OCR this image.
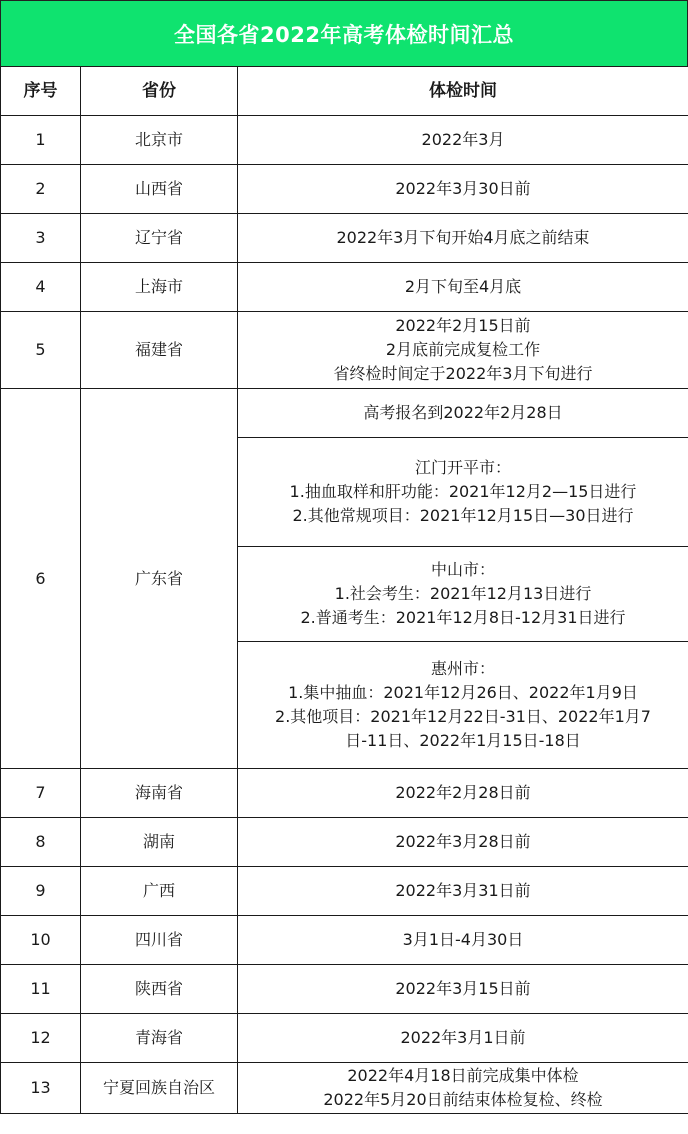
全国各省2022年高考体检时间汇总
序号	省份	体检时间
1	北京市	2022年3月

2	山西省	2022年3月30日前

3	辽宁省	2022年3月下旬开始4月底之前结束

4	上海市	2月下旬至4月底

5	福建省	2022年2月15日前
2月底前完成复检工作
省终检时间定于2022年3月下旬进行

6	广东省	高考报名到2022年2月28日

		江门开平市：
1.抽血取样和肝功能：2021年12月2—15日进行
2.其他常规项目：2021年12月15日—30日进行

		中山市：
1.社会考生：2021年12月13日进行
2.普通考生：2021年12月8日-12月31日进行

		惠州市：
1.集中抽血：2021年12月26日、2022年1月9日
2.其他项目：2021年12月22日-31日、2022年1月7
日-11日、2022年1月15日-18日

7	海南省	2022年2月28日前

8	湖南	2022年3月28日前

9	广西	2022年3月31日前

10	四川省	3月1日-4月30日

11	陕西省	2022年3月15日前

12	青海省	2022年3月1日前

13	宁夏回族自治区	2022年4月18日前完成集中体检
2022年5月20日前结束体检复检、终检
